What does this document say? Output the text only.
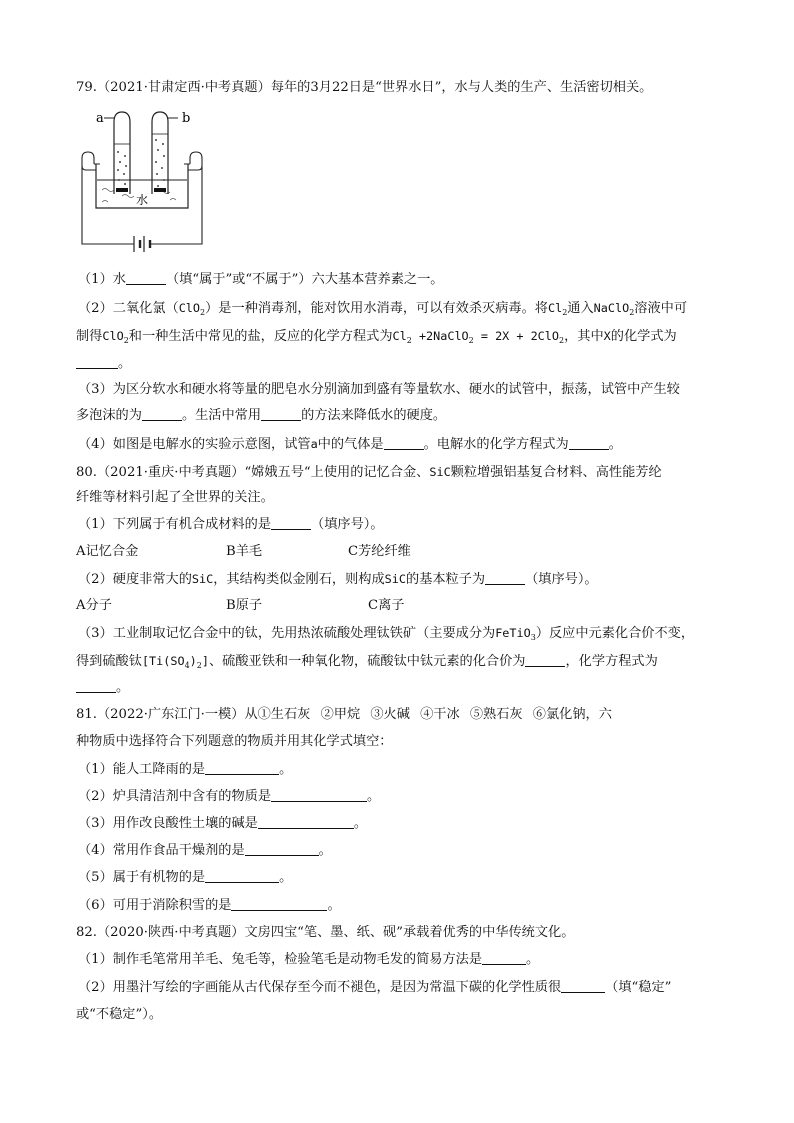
79.（2021·甘肃定西·中考真题）每年的3月22日是“世界水日”，水与人类的生产、生活密切相关。
a	b
水
（1）水	（填“属于”或“不属于”）六大基本营养素之一。
（2）二氧化氯（ClO$_2$）是一种消毒剂，能对饮用水消毒，可以有效杀灭病毒。将$Cl_2$通入NaClO$_2$溶液中可
制得ClO$_2$和一种生活中常见的盐，反应的化学方程式为$Cl_2$ +2NaClO$_2$ = 2X + 2ClO$_2$，其中X的化学式为
。
（3）为区分软水和硬水将等量的肥皂水分别滴加到盛有等量软水、硬水的试管中，振荡，试管中产生较
多泡沫的为	。生活中常用	的方法来降低水的硬度。
（4）如图是电解水的实验示意图，试管a中的气体是	。电解水的化学方程式为	。
80.（2021·重庆·中考真题）“嫦娥五号“上使用的记忆合金、SiC颗粒增强铝基复合材料、高性能芳纶
纤维等材料引起了全世界的关注。
（1）下列属于有机合成材料的是	（填序号）。
A记忆合金	B羊毛	C芳纶纤维
（2）硬度非常大的SiC，其结构类似金刚石，则构成SiC的基本粒子为	（填序号）。
A分子	B原子	C离子
（3）工业制取记忆合金中的钛，先用热浓硫酸处理钛铁矿（主要成分为FeTiO$_3$）反应中元素化合价不变，
得到硫酸钛$[Ti(SO_4)_2]$、硫酸亚铁和一种氧化物，硫酸钛中钛元素的化合价为	，化学方程式为
。
81.（2022·广东江门·一模）从①生石灰 ②甲烷 ③火碱 ④干冰 ⑤熟石灰 ⑥氯化钠，六
种物质中选择符合下列题意的物质并用其化学式填空：
（1）能人工降雨的是	。
（2）炉具清洁剂中含有的物质是	。
（3）用作改良酸性土壤的碱是	。
（4）常用作食品干燥剂的是	。
（5）属于有机物的是	。
（6）可用于消除积雪的是	。
82.（2020·陕西·中考真题）文房四宝“笔、墨、纸、砚”承载着优秀的中华传统文化。
（1）制作毛笔常用羊毛、兔毛等，检验笔毛是动物毛发的简易方法是	。
（2）用墨汁写绘的字画能从古代保存至今而不褪色，是因为常温下碳的化学性质很	（填“稳定”
或“不稳定”）。
